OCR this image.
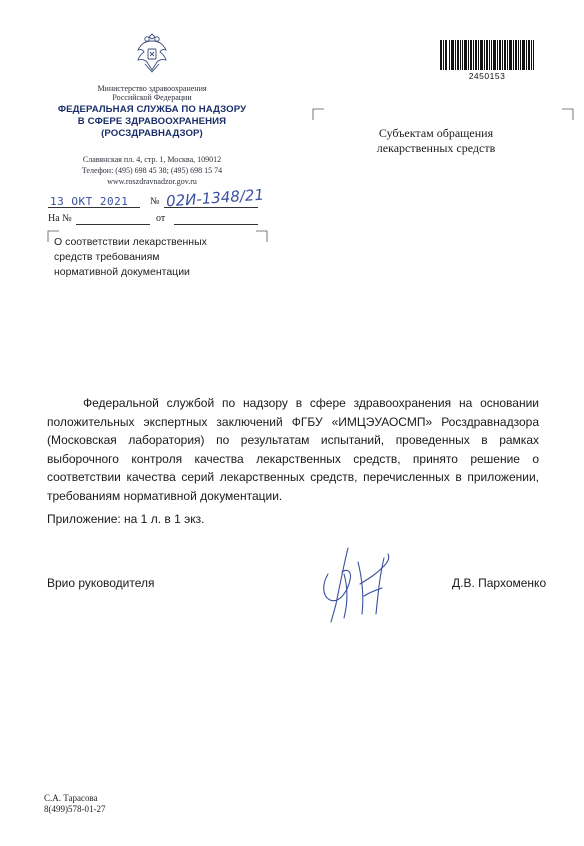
Министерство здравоохранения
Российской Федерации
ФЕДЕРАЛЬНАЯ СЛУЖБА ПО НАДЗОРУ
В СФЕРЕ ЗДРАВООХРАНЕНИЯ
(РОСЗДРАВНАДЗОР)
Славянская пл. 4, стр. 1, Москва, 109012
Телефон: (495) 698 45 38; (495) 698 15 74
www.roszdravnadzor.gov.ru
13 ОКТ 2021 № 02И-1348/21
На №	от
2450153
Субъектам обращения
лекарственных средств
О соответствии лекарственных
средств требованиям
нормативной документации
Федеральной службой по надзору в сфере здравоохранения на основании положительных экспертных заключений ФГБУ «ИМЦЭУАОСМП» Росздравнадзора (Московская лаборатория) по результатам испытаний, проведенных в рамках выборочного контроля качества лекарственных средств, принято решение о соответствии качества серий лекарственных средств, перечисленных в приложении, требованиям нормативной документации.
Приложение: на 1 л. в 1 экз.
Врио руководителя	Д.В. Пархоменко
С.А. Тарасова
8(499)578-01-27
